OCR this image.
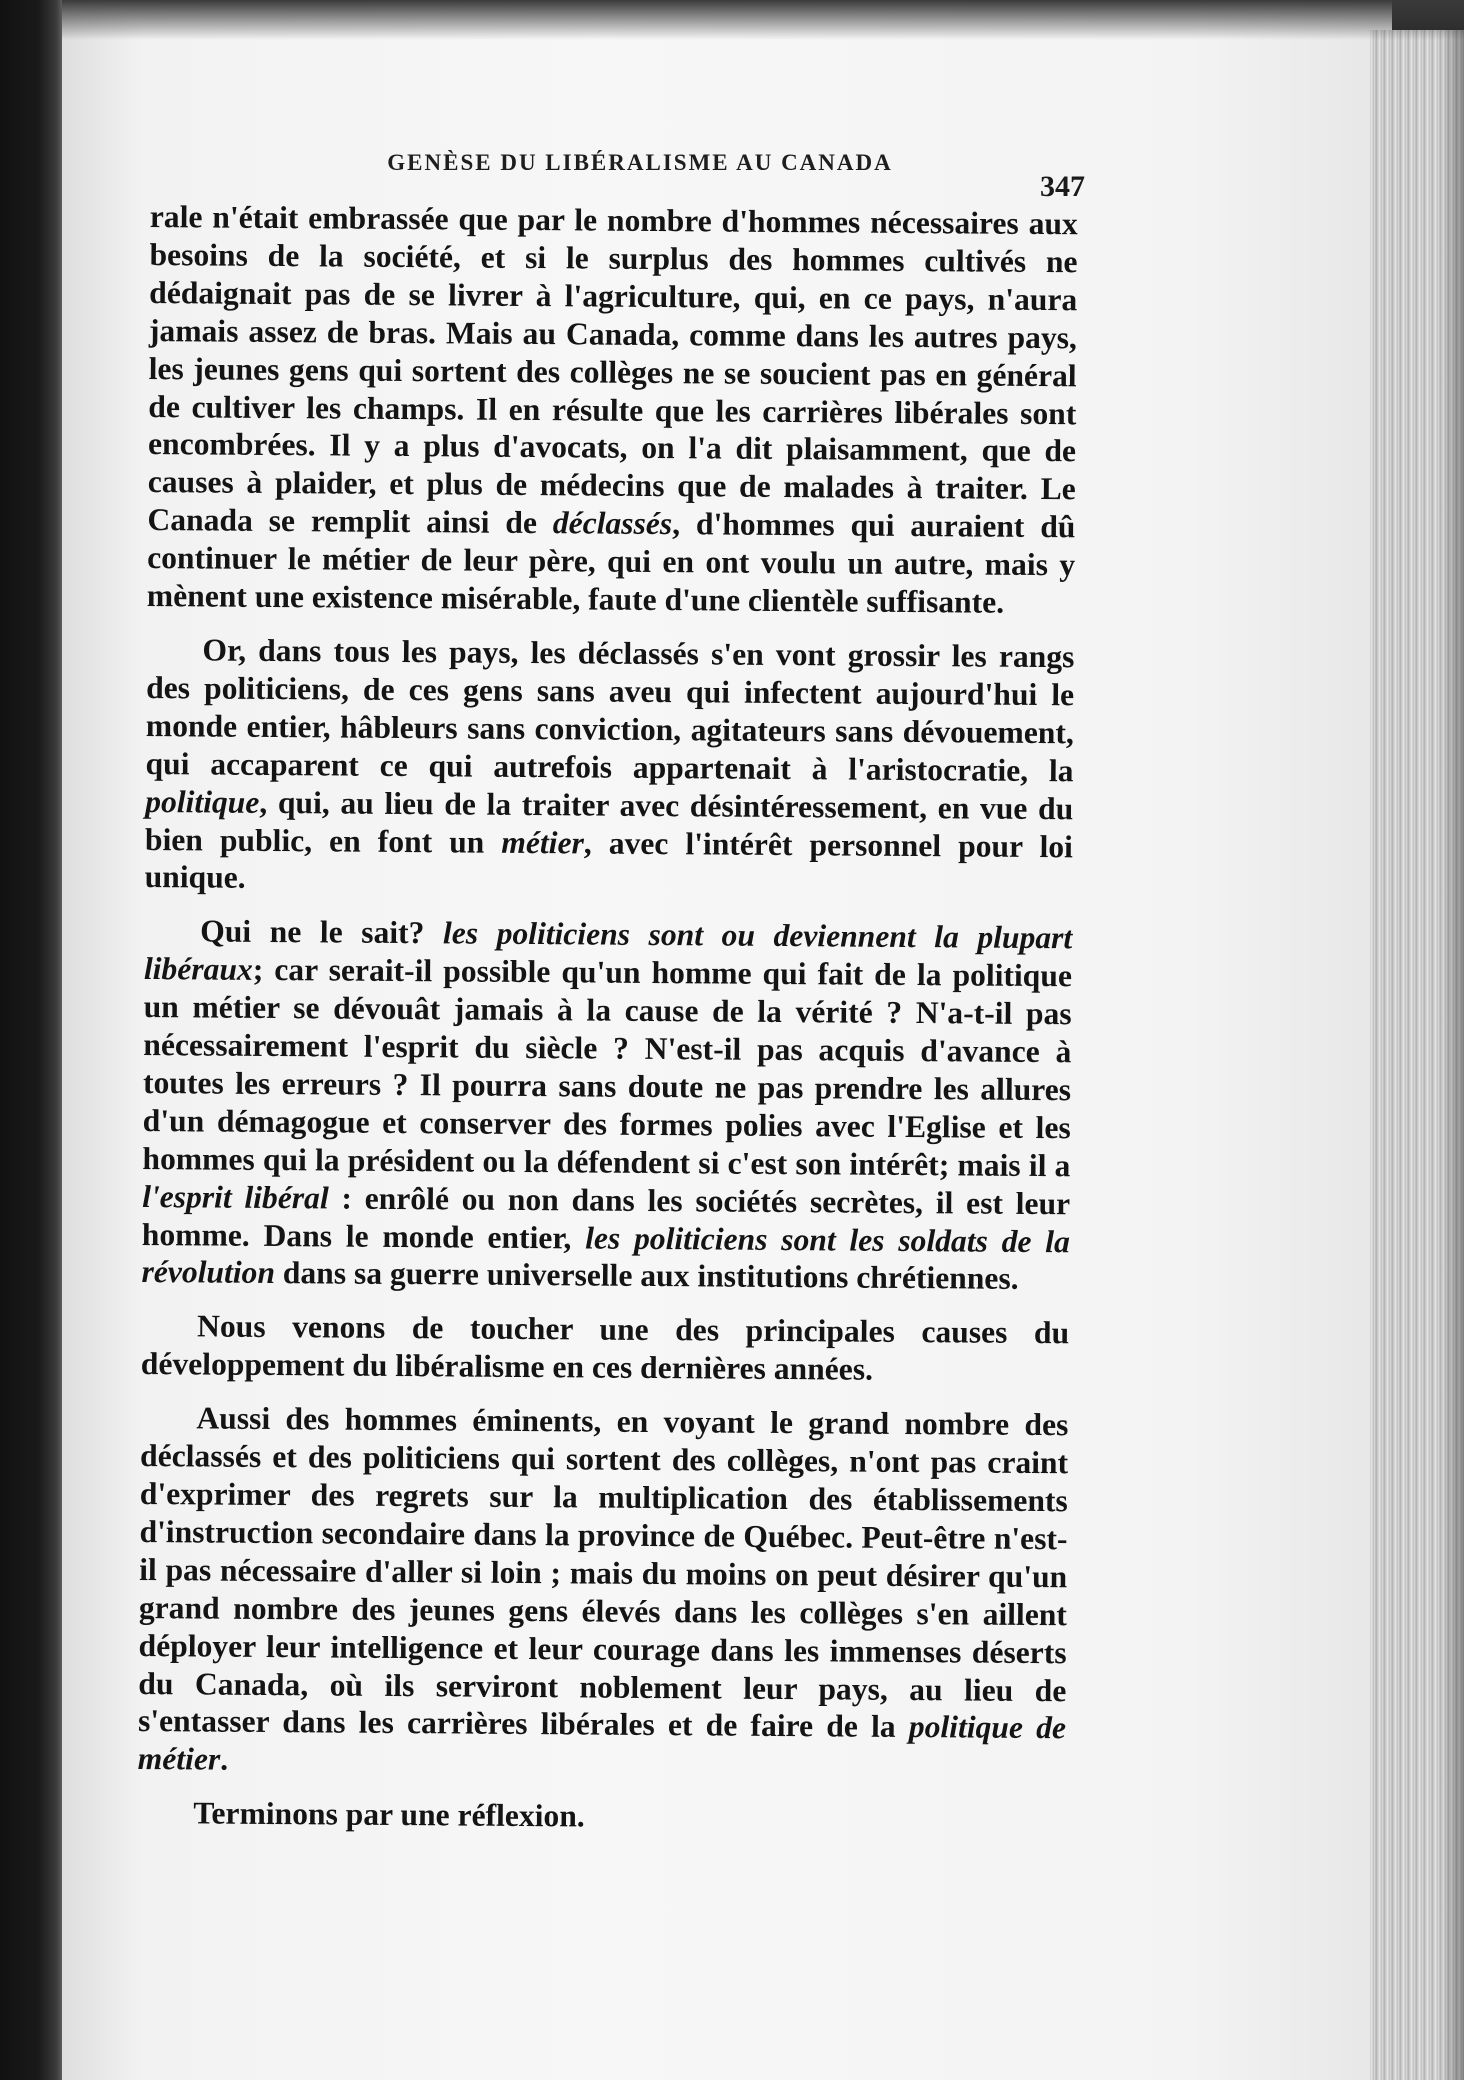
GENÈSE DU LIBÉRALISME AU CANADA
347

rale n'était embrassée que par le nombre d'hommes nécessaires aux besoins de la société, et si le surplus des hommes cultivés ne dédaignait pas de se livrer à l'agriculture, qui, en ce pays, n'aura jamais assez de bras. Mais au Canada, comme dans les autres pays, les jeunes gens qui sortent des collèges ne se soucient pas en général de cultiver les champs. Il en résulte que les carrières libérales sont encombrées. Il y a plus d'avocats, on l'a dit plaisamment, que de causes à plaider, et plus de médecins que de malades à traiter. Le Canada se remplit ainsi de déclassés, d'hommes qui auraient dû continuer le métier de leur père, qui en ont voulu un autre, mais y mènent une existence misérable, faute d'une clientèle suffisante.

Or, dans tous les pays, les déclassés s'en vont grossir les rangs des politiciens, de ces gens sans aveu qui infectent aujourd'hui le monde entier, hâbleurs sans conviction, agitateurs sans dévouement, qui accaparent ce qui autrefois appartenait à l'aristocratie, la politique, qui, au lieu de la traiter avec désintéressement, en vue du bien public, en font un métier, avec l'intérêt personnel pour loi unique.

Qui ne le sait? les politiciens sont ou deviennent la plupart libéraux; car serait-il possible qu'un homme qui fait de la politique un métier se dévouât jamais à la cause de la vérité ? N'a-t-il pas nécessairement l'esprit du siècle ? N'est-il pas acquis d'avance à toutes les erreurs ? Il pourra sans doute ne pas prendre les allures d'un démagogue et conserver des formes polies avec l'Eglise et les hommes qui la président ou la défendent si c'est son intérêt; mais il a l'esprit libéral : enrôlé ou non dans les sociétés secrètes, il est leur homme. Dans le monde entier, les politiciens sont les soldats de la révolution dans sa guerre universelle aux institutions chrétiennes.

Nous venons de toucher une des principales causes du développement du libéralisme en ces dernières années.

Aussi des hommes éminents, en voyant le grand nombre des déclassés et des politiciens qui sortent des collèges, n'ont pas craint d'exprimer des regrets sur la multiplication des établissements d'instruction secondaire dans la province de Québec. Peut-être n'est-il pas nécessaire d'aller si loin ; mais du moins on peut désirer qu'un grand nombre des jeunes gens élevés dans les collèges s'en aillent déployer leur intelligence et leur courage dans les immenses déserts du Canada, où ils serviront noblement leur pays, au lieu de s'entasser dans les carrières libérales et de faire de la politique de métier.

Terminons par une réflexion.
